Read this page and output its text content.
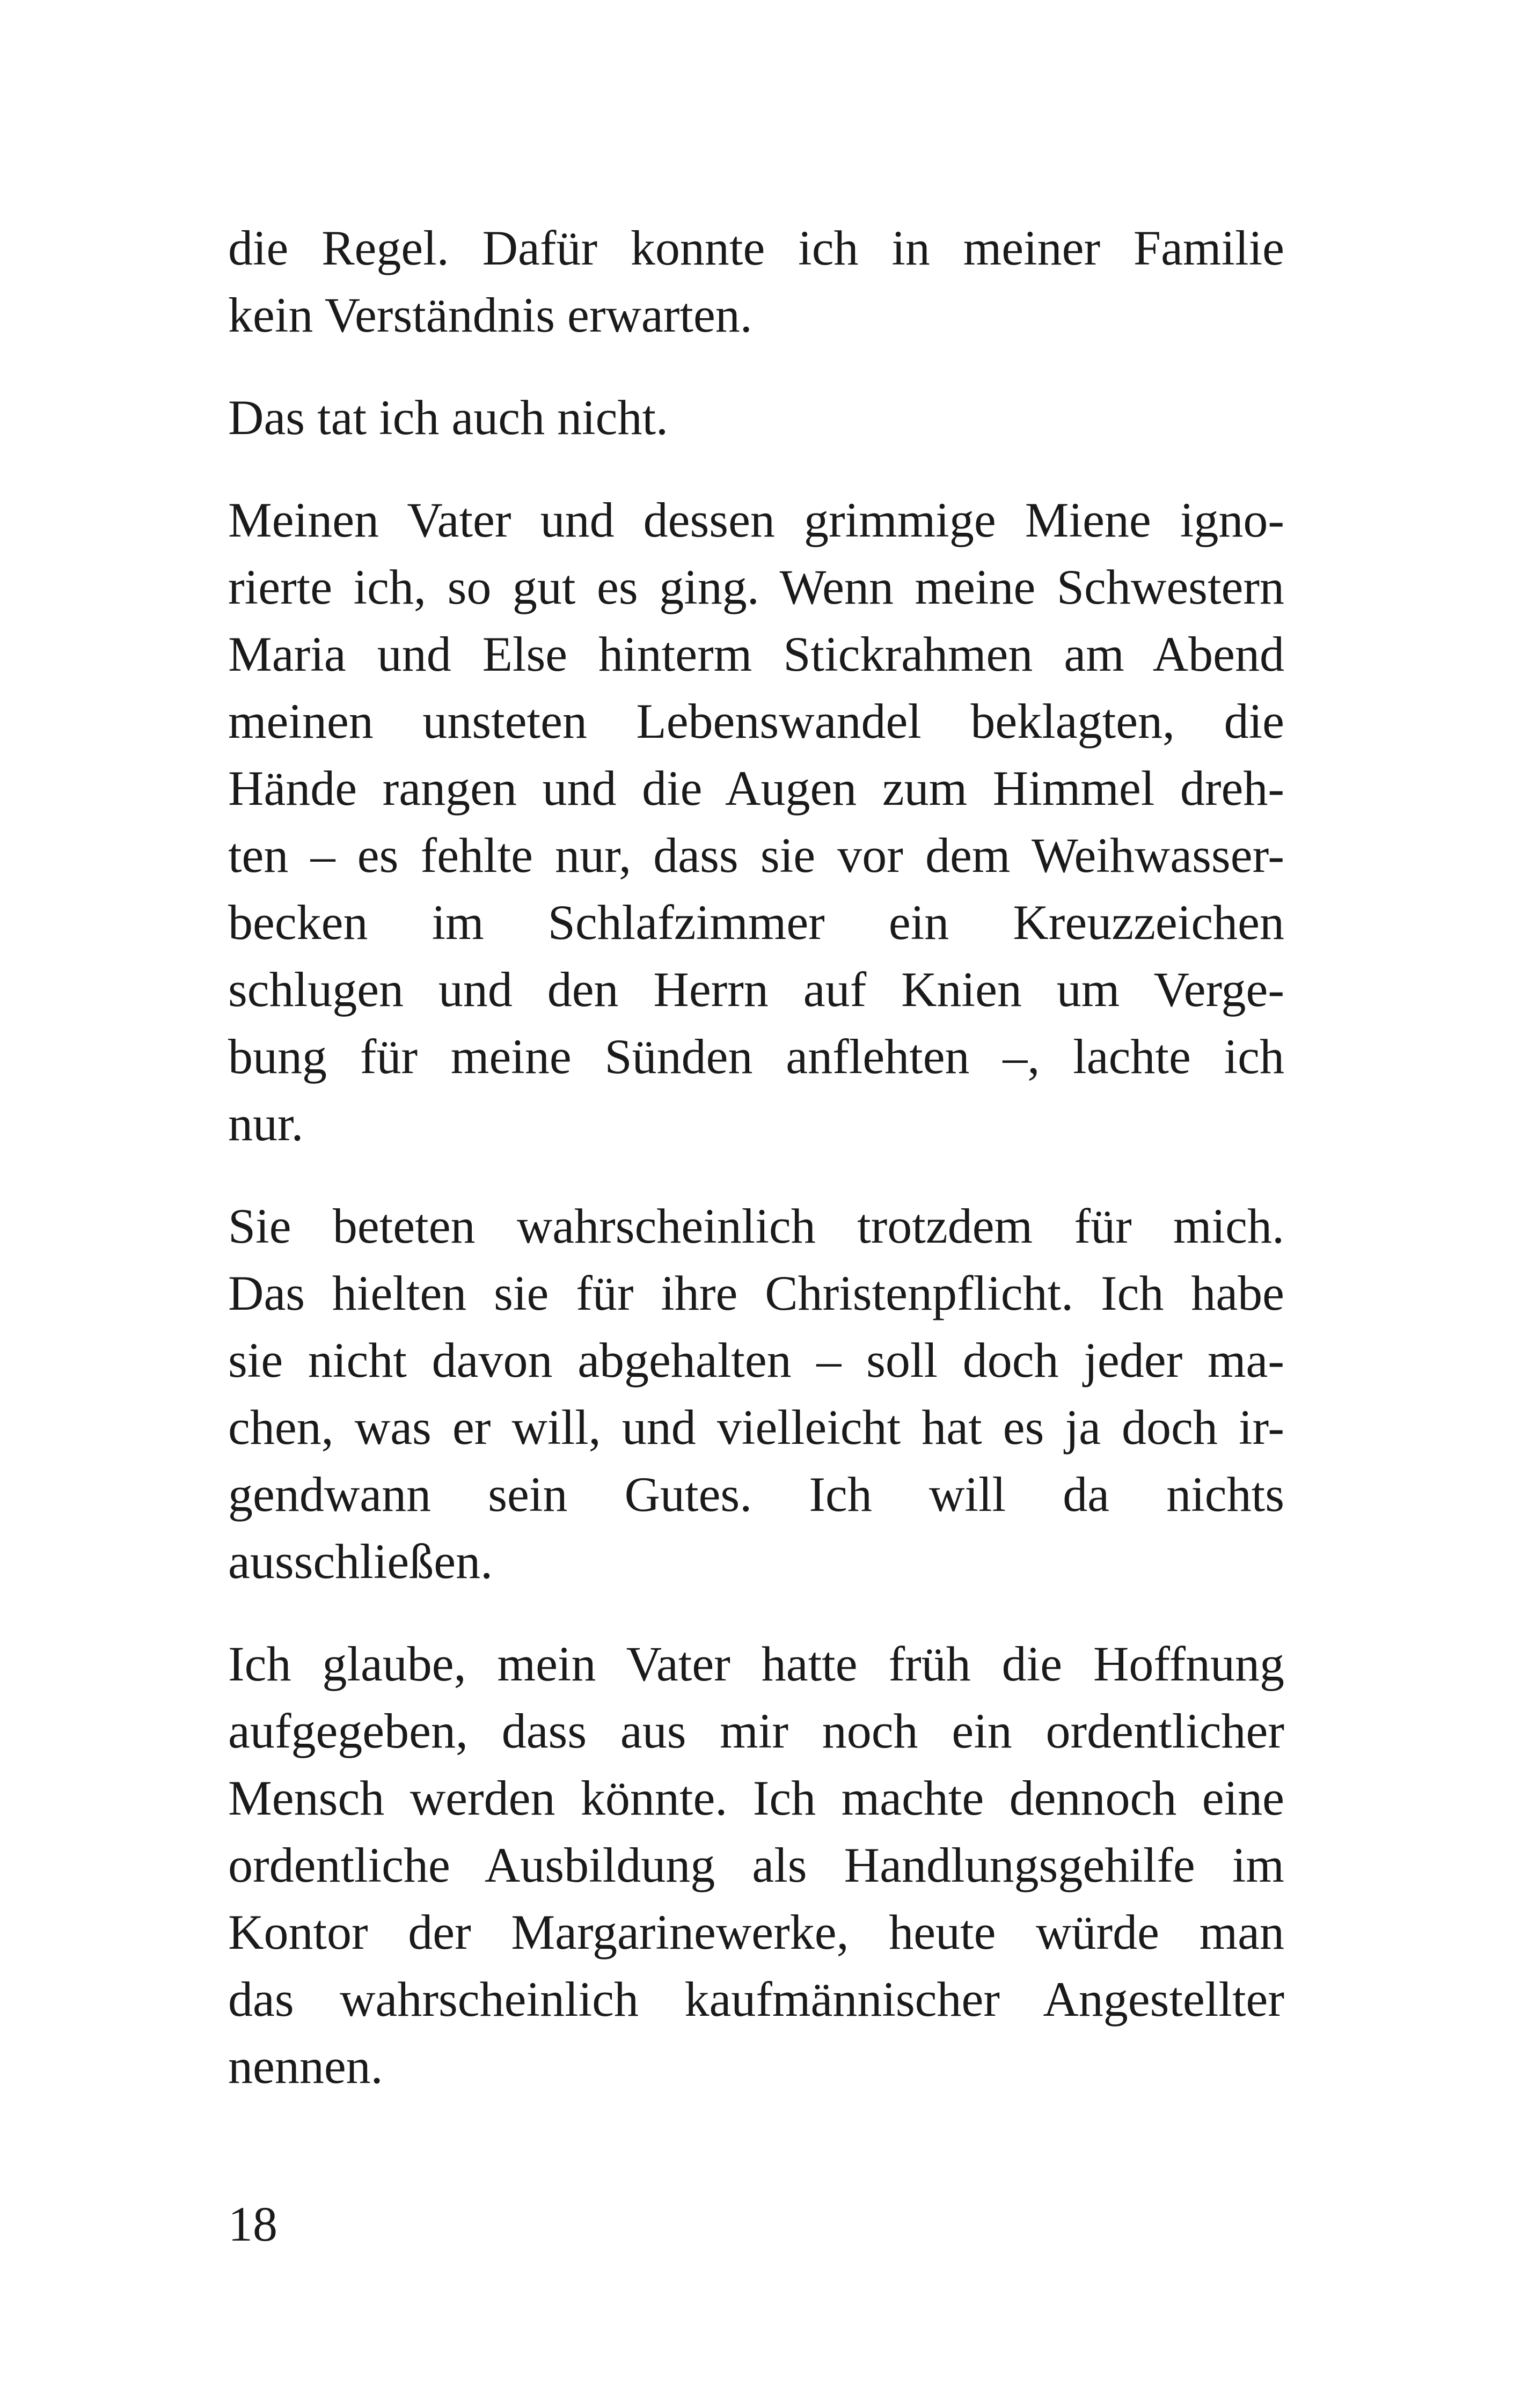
die Regel. Dafür konnte ich in meiner Familie
kein Verständnis erwarten.

Das tat ich auch nicht.

Meinen Vater und dessen grimmige Miene igno-
rierte ich, so gut es ging. Wenn meine Schwestern
Maria und Else hinterm Stickrahmen am Abend
meinen unsteten Lebenswandel beklagten, die
Hände rangen und die Augen zum Himmel dreh-
ten – es fehlte nur, dass sie vor dem Weihwasser-
becken im Schlafzimmer ein Kreuzzeichen
schlugen und den Herrn auf Knien um Verge-
bung für meine Sünden anflehten –, lachte ich
nur.

Sie beteten wahrscheinlich trotzdem für mich.
Das hielten sie für ihre Christenpflicht. Ich habe
sie nicht davon abgehalten – soll doch jeder ma-
chen, was er will, und vielleicht hat es ja doch ir-
gendwann sein Gutes. Ich will da nichts
ausschließen.

Ich glaube, mein Vater hatte früh die Hoffnung
aufgegeben, dass aus mir noch ein ordentlicher
Mensch werden könnte. Ich machte dennoch eine
ordentliche Ausbildung als Handlungsgehilfe im
Kontor der Margarinewerke, heute würde man
das wahrscheinlich kaufmännischer Angestellter
nennen.

18
